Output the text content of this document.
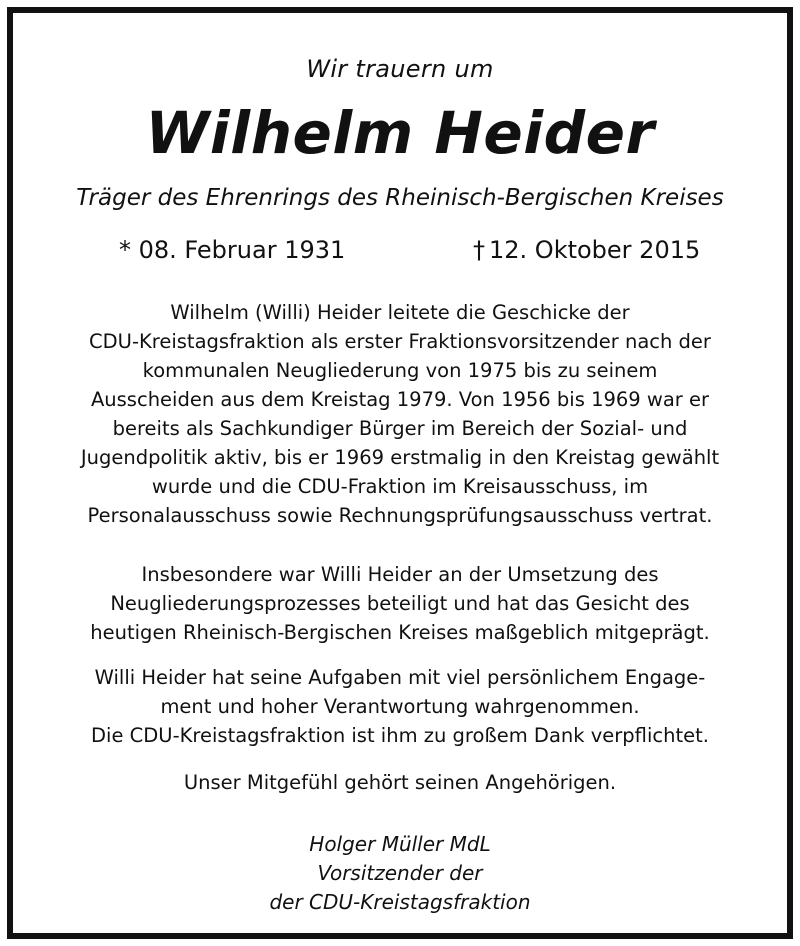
Wir trauern um

Wilhelm Heider

Träger des Ehrenrings des Rheinisch-Bergischen Kreises

* 08. Februar 1931	† 12. Oktober 2015
Wilhelm (Willi) Heider leitete die Geschicke der
CDU-Kreistagsfraktion als erster Fraktionsvorsitzender nach der
kommunalen Neugliederung von 1975 bis zu seinem
Ausscheiden aus dem Kreistag 1979. Von 1956 bis 1969 war er
bereits als Sachkundiger Bürger im Bereich der Sozial- und
Jugendpolitik aktiv, bis er 1969 erstmalig in den Kreistag gewählt
wurde und die CDU-Fraktion im Kreisausschuss, im
Personalausschuss sowie Rechnungsprüfungsausschuss vertrat.
Insbesondere war Willi Heider an der Umsetzung des
Neugliederungsprozesses beteiligt und hat das Gesicht des
heutigen Rheinisch-Bergischen Kreises maßgeblich mitgeprägt.
Willi Heider hat seine Aufgaben mit viel persönlichem Engage-
ment und hoher Verantwortung wahrgenommen.
Die CDU-Kreistagsfraktion ist ihm zu großem Dank verpflichtet.
Unser Mitgefühl gehört seinen Angehörigen.
Holger Müller MdL
Vorsitzender der
der CDU-Kreistagsfraktion
